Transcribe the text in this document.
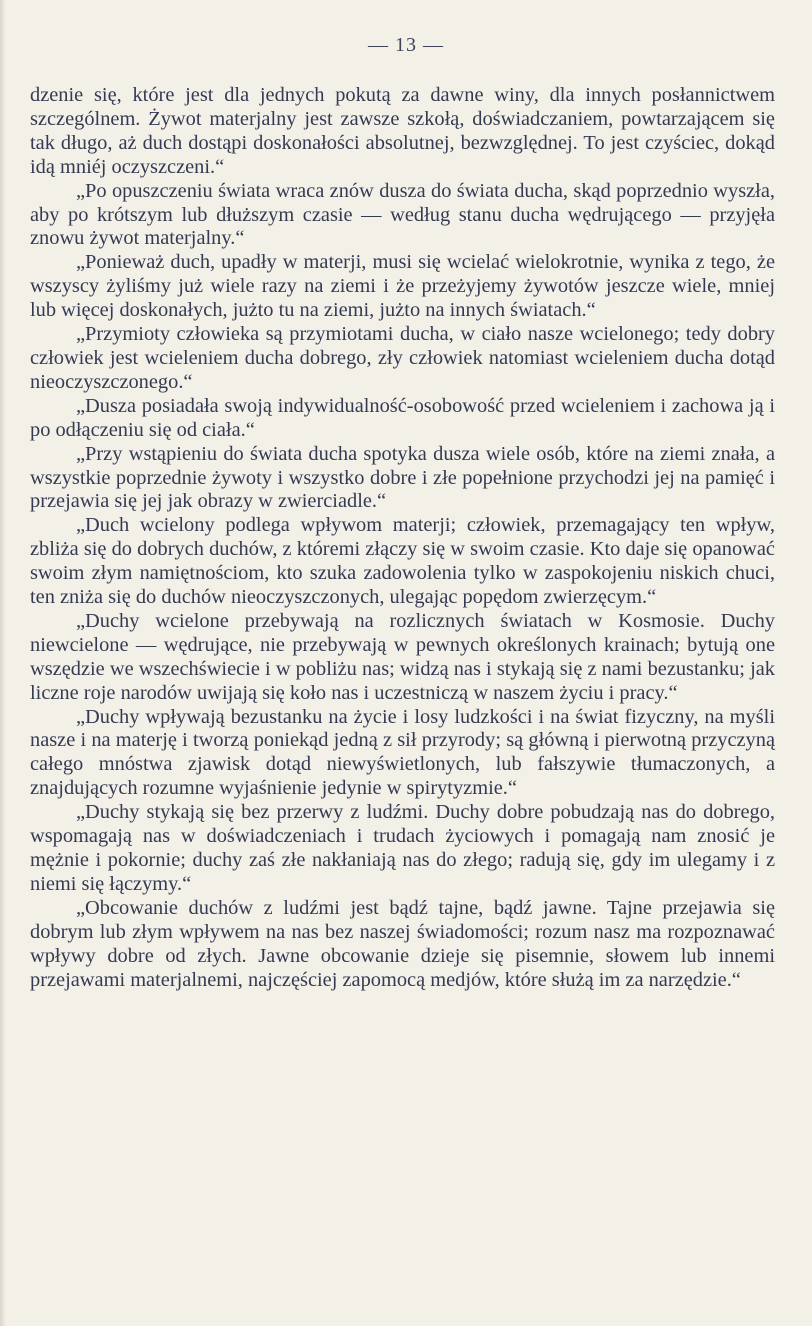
— 13 —

dzenie się, które jest dla jednych pokutą za dawne winy, dla innych posłannictwem szczególnem. Żywot materjalny jest zawsze szkołą, doświadczaniem, powtarzającem się tak długo, aż duch dostąpi doskonałości absolutnej, bezwzględnej. To jest czyściec, dokąd idą mniéj oczyszczeni.“

„Po opuszczeniu świata wraca znów dusza do świata ducha, skąd poprzednio wyszła, aby po krótszym lub dłuższym czasie — według stanu ducha wędrującego — przyjęła znowu żywot materjalny.“

„Ponieważ duch, upadły w materji, musi się wcielać wielokrotnie, wynika z tego, że wszyscy żyliśmy już wiele razy na ziemi i że przeżyjemy żywotów jeszcze wiele, mniej lub więcej doskonałych, jużto tu na ziemi, jużto na innych światach.“

„Przymioty człowieka są przymiotami ducha, w ciało nasze wcielonego; tedy dobry człowiek jest wcieleniem ducha dobrego, zły człowiek natomiast wcieleniem ducha dotąd nieoczyszczonego.“

„Dusza posiadała swoją indywidualność-osobowość przed wcieleniem i zachowa ją i po odłączeniu się od ciała.“

„Przy wstąpieniu do świata ducha spotyka dusza wiele osób, które na ziemi znała, a wszystkie poprzednie żywoty i wszystko dobre i złe popełnione przychodzi jej na pamięć i przejawia się jej jak obrazy w zwierciadle.“

„Duch wcielony podlega wpływom materji; człowiek, przemagający ten wpływ, zbliża się do dobrych duchów, z któremi złączy się w swoim czasie. Kto daje się opanować swoim złym namiętnościom, kto szuka zadowolenia tylko w zaspokojeniu niskich chuci, ten zniża się do duchów nieoczyszczonych, ulegając popędom zwierzęcym.“

„Duchy wcielone przebywają na rozlicznych światach w Kosmosie. Duchy niewcielone — wędrujące, nie przebywają w pewnych określonych krainach; bytują one wszędzie we wszechświecie i w pobliżu nas; widzą nas i stykają się z nami bezustanku; jak liczne roje narodów uwijają się koło nas i uczestniczą w naszem życiu i pracy.“

„Duchy wpływają bezustanku na życie i losy ludzkości i na świat fizyczny, na myśli nasze i na materję i tworzą poniekąd jedną z sił przyrody; są główną i pierwotną przyczyną całego mnóstwa zjawisk dotąd niewyświetlonych, lub fałszywie tłumaczonych, a znajdujących rozumne wyjaśnienie jedynie w spirytyzmie.“

„Duchy stykają się bez przerwy z ludźmi. Duchy dobre pobudzają nas do dobrego, wspomagają nas w doświadczeniach i trudach życiowych i pomagają nam znosić je mężnie i pokornie; duchy zaś złe nakłaniają nas do złego; radują się, gdy im ulegamy i z niemi się łączymy.“

„Obcowanie duchów z ludźmi jest bądź tajne, bądź jawne. Tajne przejawia się dobrym lub złym wpływem na nas bez naszej świadomości; rozum nasz ma rozpoznawać wpływy dobre od złych. Jawne obcowanie dzieje się pisemnie, słowem lub innemi przejawami materjalnemi, najczęściej zapomocą medjów, które służą im za narzędzie.“
